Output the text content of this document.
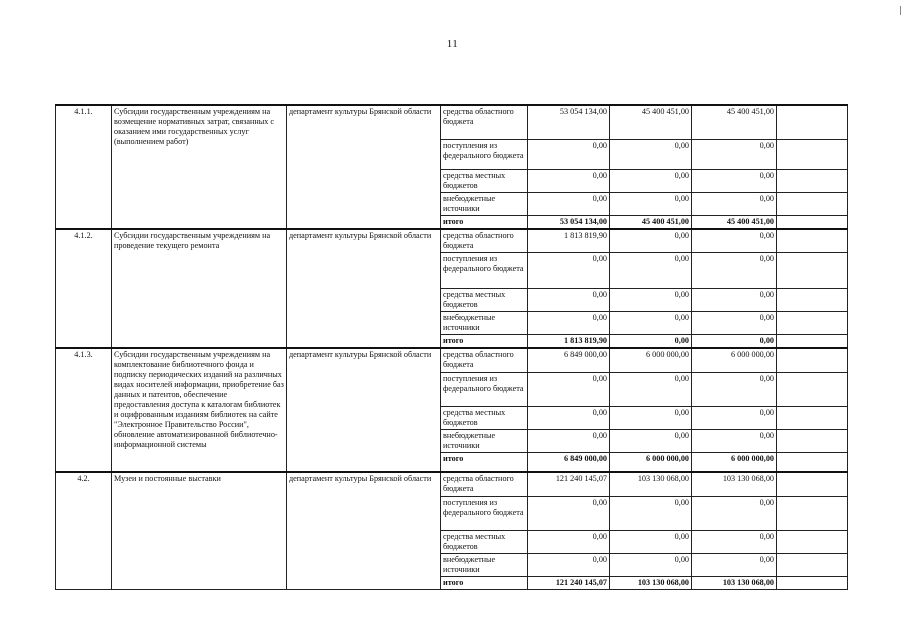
11
4.1.1.	Субсидии государственным учреждениям на возмещение нормативных затрат, связанных с оказанием ими государственных услуг (выполнением работ)	департамент культуры Брянской области	средства областного бюджета	53 054 134,00	45 400 451,00	45 400 451,00	
			поступления из федерального бюджета	0,00	0,00	0,00	
			средства местных бюджетов	0,00	0,00	0,00	
			внебюджетные источники	0,00	0,00	0,00	
			итого	53 054 134,00	45 400 451,00	45 400 451,00	
4.1.2.	Субсидии государственным учреждениям на проведение текущего ремонта	департамент культуры Брянской области	средства областного бюджета	1 813 819,90	0,00	0,00	
			поступления из федерального бюджета	0,00	0,00	0,00	
			средства местных бюджетов	0,00	0,00	0,00	
			внебюджетные источники	0,00	0,00	0,00	
			итого	1 813 819,90	0,00	0,00	
4.1.3.	Субсидии государственным учреждениям на комплектование библиотечного фонда и подписку периодических изданий на различных видах носителей информации, приобретение баз данных и патентов, обеспечение предоставления доступа к каталогам библиотек и оцифрованным изданиям библиотек на сайте "Электронное Правительство России", обновление автоматизированной библиотечно-информационной системы	департамент культуры Брянской области	средства областного бюджета	6 849 000,00	6 000 000,00	6 000 000,00	
			поступления из федерального бюджета	0,00	0,00	0,00	
			средства местных бюджетов	0,00	0,00	0,00	
			внебюджетные источники	0,00	0,00	0,00	
			итого	6 849 000,00	6 000 000,00	6 000 000,00	
4.2.	Музеи и постоянные выставки	департамент культуры Брянской области	средства областного бюджета	121 240 145,07	103 130 068,00	103 130 068,00	
			поступления из федерального бюджета	0,00	0,00	0,00	
			средства местных бюджетов	0,00	0,00	0,00	
			внебюджетные источники	0,00	0,00	0,00	
			итого	121 240 145,07	103 130 068,00	103 130 068,00	
